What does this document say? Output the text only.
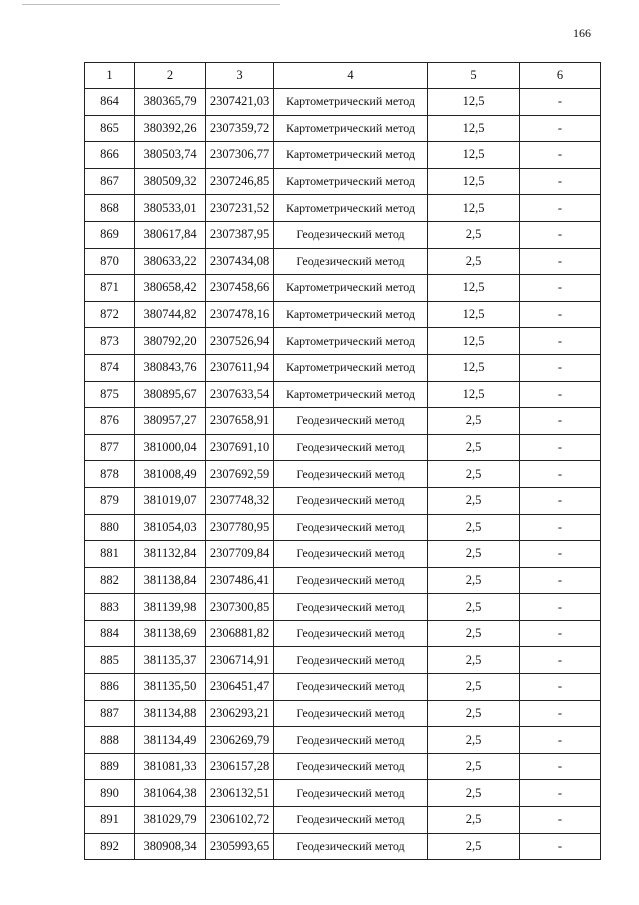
166
1	2	3	4	5	6
864	380365,79	2307421,03	Картометрический метод	12,5	-
865	380392,26	2307359,72	Картометрический метод	12,5	-
866	380503,74	2307306,77	Картометрический метод	12,5	-
867	380509,32	2307246,85	Картометрический метод	12,5	-
868	380533,01	2307231,52	Картометрический метод	12,5	-
869	380617,84	2307387,95	Геодезический метод	2,5	-
870	380633,22	2307434,08	Геодезический метод	2,5	-
871	380658,42	2307458,66	Картометрический метод	12,5	-
872	380744,82	2307478,16	Картометрический метод	12,5	-
873	380792,20	2307526,94	Картометрический метод	12,5	-
874	380843,76	2307611,94	Картометрический метод	12,5	-
875	380895,67	2307633,54	Картометрический метод	12,5	-
876	380957,27	2307658,91	Геодезический метод	2,5	-
877	381000,04	2307691,10	Геодезический метод	2,5	-
878	381008,49	2307692,59	Геодезический метод	2,5	-
879	381019,07	2307748,32	Геодезический метод	2,5	-
880	381054,03	2307780,95	Геодезический метод	2,5	-
881	381132,84	2307709,84	Геодезический метод	2,5	-
882	381138,84	2307486,41	Геодезический метод	2,5	-
883	381139,98	2307300,85	Геодезический метод	2,5	-
884	381138,69	2306881,82	Геодезический метод	2,5	-
885	381135,37	2306714,91	Геодезический метод	2,5	-
886	381135,50	2306451,47	Геодезический метод	2,5	-
887	381134,88	2306293,21	Геодезический метод	2,5	-
888	381134,49	2306269,79	Геодезический метод	2,5	-
889	381081,33	2306157,28	Геодезический метод	2,5	-
890	381064,38	2306132,51	Геодезический метод	2,5	-
891	381029,79	2306102,72	Геодезический метод	2,5	-
892	380908,34	2305993,65	Геодезический метод	2,5	-
